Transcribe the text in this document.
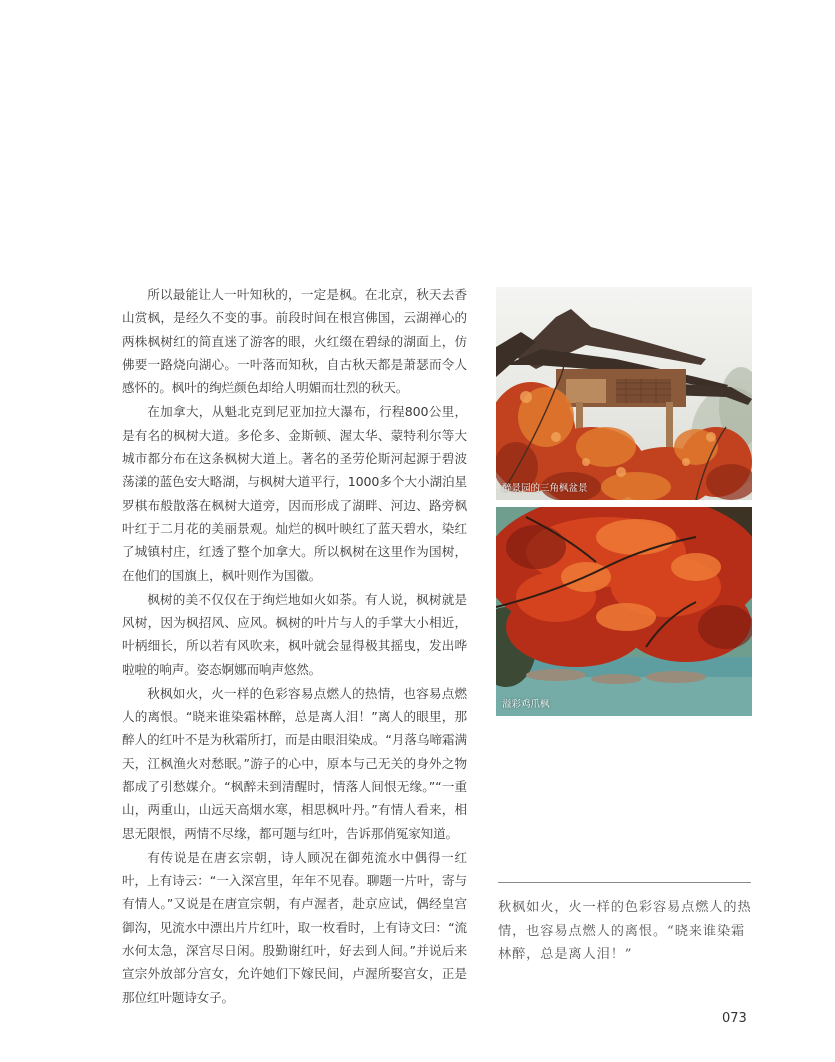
所以最能让人一叶知秋的，一定是枫。在北京，秋天去香山赏枫，是经久不变的事。前段时间在根宫佛国，云湖禅心的两株枫树红的简直迷了游客的眼，火红缀在碧绿的湖面上，仿佛要一路烧向湖心。一叶落而知秋，自古秋天都是萧瑟而令人感怀的。枫叶的绚烂颜色却给人明媚而壮烈的秋天。

在加拿大，从魁北克到尼亚加拉大瀑布，行程800公里，是有名的枫树大道。多伦多、金斯顿、渥太华、蒙特利尔等大城市都分布在这条枫树大道上。著名的圣劳伦斯河起源于碧波荡漾的蓝色安大略湖，与枫树大道平行，1000多个大小湖泊星罗棋布般散落在枫树大道旁，因而形成了湖畔、河边、路旁枫叶红于二月花的美丽景观。灿烂的枫叶映红了蓝天碧水，染红了城镇村庄，红透了整个加拿大。所以枫树在这里作为国树，在他们的国旗上，枫叶则作为国徽。

枫树的美不仅仅在于绚烂地如火如荼。有人说，枫树就是风树，因为枫招风、应风。枫树的叶片与人的手掌大小相近，叶柄细长，所以若有风吹来，枫叶就会显得极其摇曳，发出哗啦啦的响声。姿态婀娜而响声悠然。

秋枫如火，火一样的色彩容易点燃人的热情，也容易点燃人的离恨。“晓来谁染霜林醉，总是离人泪！”离人的眼里，那醉人的红叶不是为秋霜所打，而是由眼泪染成。“月落乌啼霜满天，江枫渔火对愁眠。”游子的心中，原本与己无关的身外之物都成了引愁媒介。“枫醉未到清醒时，情落人间恨无缘。”“一重山，两重山，山远天高烟水寒，相思枫叶丹。”有情人看来，相思无限恨，两情不尽缘，都可题与红叶，告诉那俏冤家知道。

有传说是在唐玄宗朝，诗人顾况在御苑流水中偶得一红叶，上有诗云：“一入深宫里，年年不见春。聊题一片叶，寄与有情人。”又说是在唐宣宗朝，有卢渥者，赴京应试，偶经皇宫御沟，见流水中漂出片片红叶，取一枚看时，上有诗文曰：“流水何太急，深宫尽日闲。殷勤谢红叶，好去到人间。”并说后来宣宗外放部分宫女，允许她们下嫁民间，卢渥所娶宫女，正是那位红叶题诗女子。

醉景园的三角枫盆景
溢彩鸡爪枫

秋枫如火，火一样的色彩容易点燃人的热情，也容易点燃人的离恨。“晓来谁染霜林醉，总是离人泪！”

073
